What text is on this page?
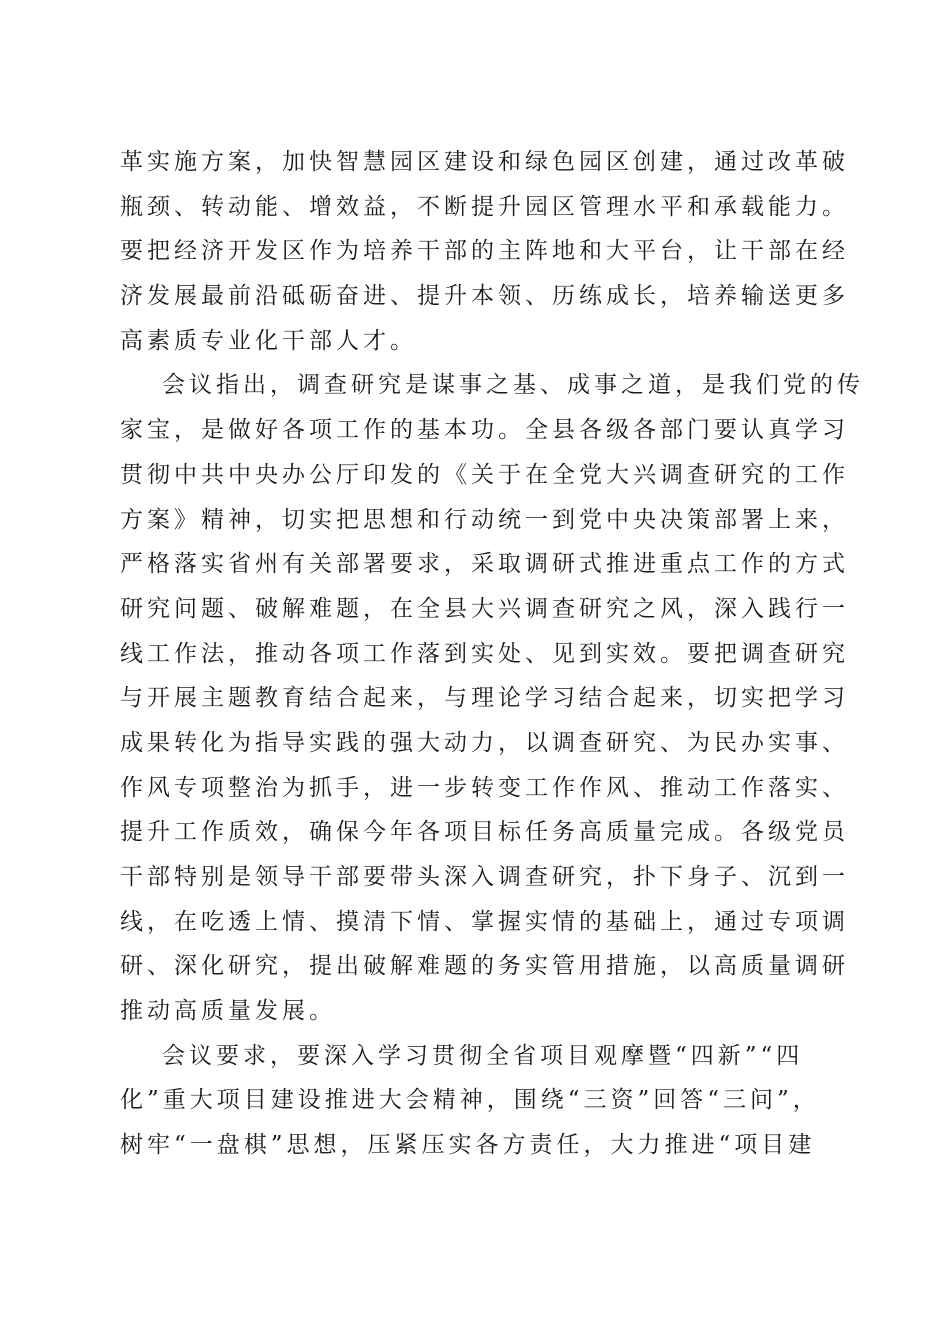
革实施方案，加快智慧园区建设和绿色园区创建，通过改革破
瓶颈、转动能、增效益，不断提升园区管理水平和承载能力。
要把经济开发区作为培养干部的主阵地和大平台，让干部在经
济发展最前沿砥砺奋进、提升本领、历练成长，培养输送更多
高素质专业化干部人才。
会议指出，调查研究是谋事之基、成事之道，是我们党的传
家宝，是做好各项工作的基本功。全县各级各部门要认真学习
贯彻中共中央办公厅印发的《关于在全党大兴调查研究的工作
方案》精神，切实把思想和行动统一到党中央决策部署上来，
严格落实省州有关部署要求，采取调研式推进重点工作的方式
研究问题、破解难题，在全县大兴调查研究之风，深入践行一
线工作法，推动各项工作落到实处、见到实效。要把调查研究
与开展主题教育结合起来，与理论学习结合起来，切实把学习
成果转化为指导实践的强大动力，以调查研究、为民办实事、
作风专项整治为抓手，进一步转变工作作风、推动工作落实、
提升工作质效，确保今年各项目标任务高质量完成。各级党员
干部特别是领导干部要带头深入调查研究，扑下身子、沉到一
线，在吃透上情、摸清下情、掌握实情的基础上，通过专项调
研、深化研究，提出破解难题的务实管用措施，以高质量调研
推动高质量发展。
会议要求，要深入学习贯彻全省项目观摩暨“四新”“四
化”重大项目建设推进大会精神，围绕“三资”回答“三问”，
树牢“一盘棋”思想，压紧压实各方责任，大力推进“项目建
